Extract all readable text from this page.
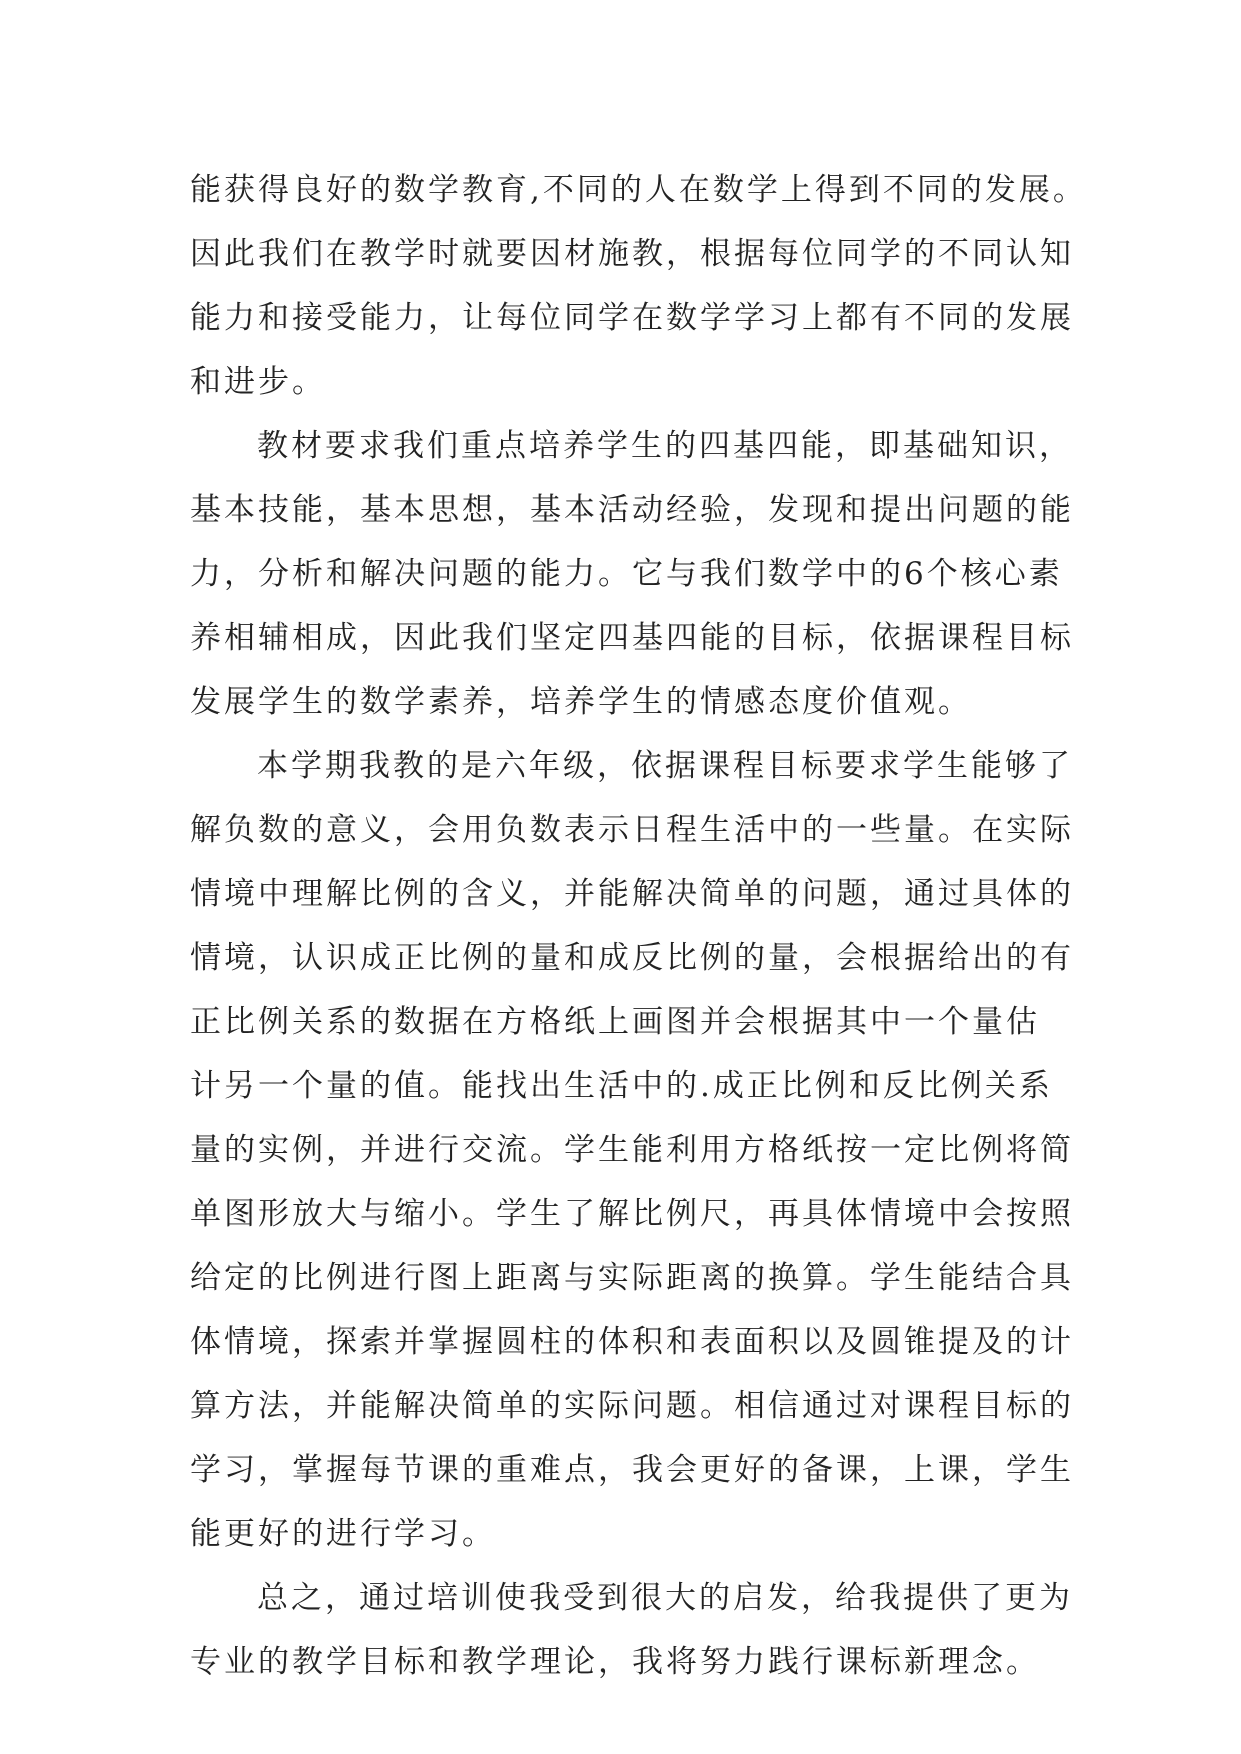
能获得良好的数学教育,不同的人在数学上得到不同的发展。
因此我们在教学时就要因材施教，根据每位同学的不同认知
能力和接受能力，让每位同学在数学学习上都有不同的发展
和进步。
教材要求我们重点培养学生的四基四能，即基础知识，
基本技能，基本思想，基本活动经验，发现和提出问题的能
力，分析和解决问题的能力。它与我们数学中的6个核心素
养相辅相成，因此我们坚定四基四能的目标，依据课程目标
发展学生的数学素养，培养学生的情感态度价值观。
本学期我教的是六年级，依据课程目标要求学生能够了
解负数的意义，会用负数表示日程生活中的一些量。在实际
情境中理解比例的含义，并能解决简单的问题，通过具体的
情境，认识成正比例的量和成反比例的量，会根据给出的有
正比例关系的数据在方格纸上画图并会根据其中一个量估
计另一个量的值。能找出生活中的.成正比例和反比例关系
量的实例，并进行交流。学生能利用方格纸按一定比例将简
单图形放大与缩小。学生了解比例尺，再具体情境中会按照
给定的比例进行图上距离与实际距离的换算。学生能结合具
体情境，探索并掌握圆柱的体积和表面积以及圆锥提及的计
算方法，并能解决简单的实际问题。相信通过对课程目标的
学习，掌握每节课的重难点，我会更好的备课，上课，学生
能更好的进行学习。
总之，通过培训使我受到很大的启发，给我提供了更为
专业的教学目标和教学理论，我将努力践行课标新理念。
